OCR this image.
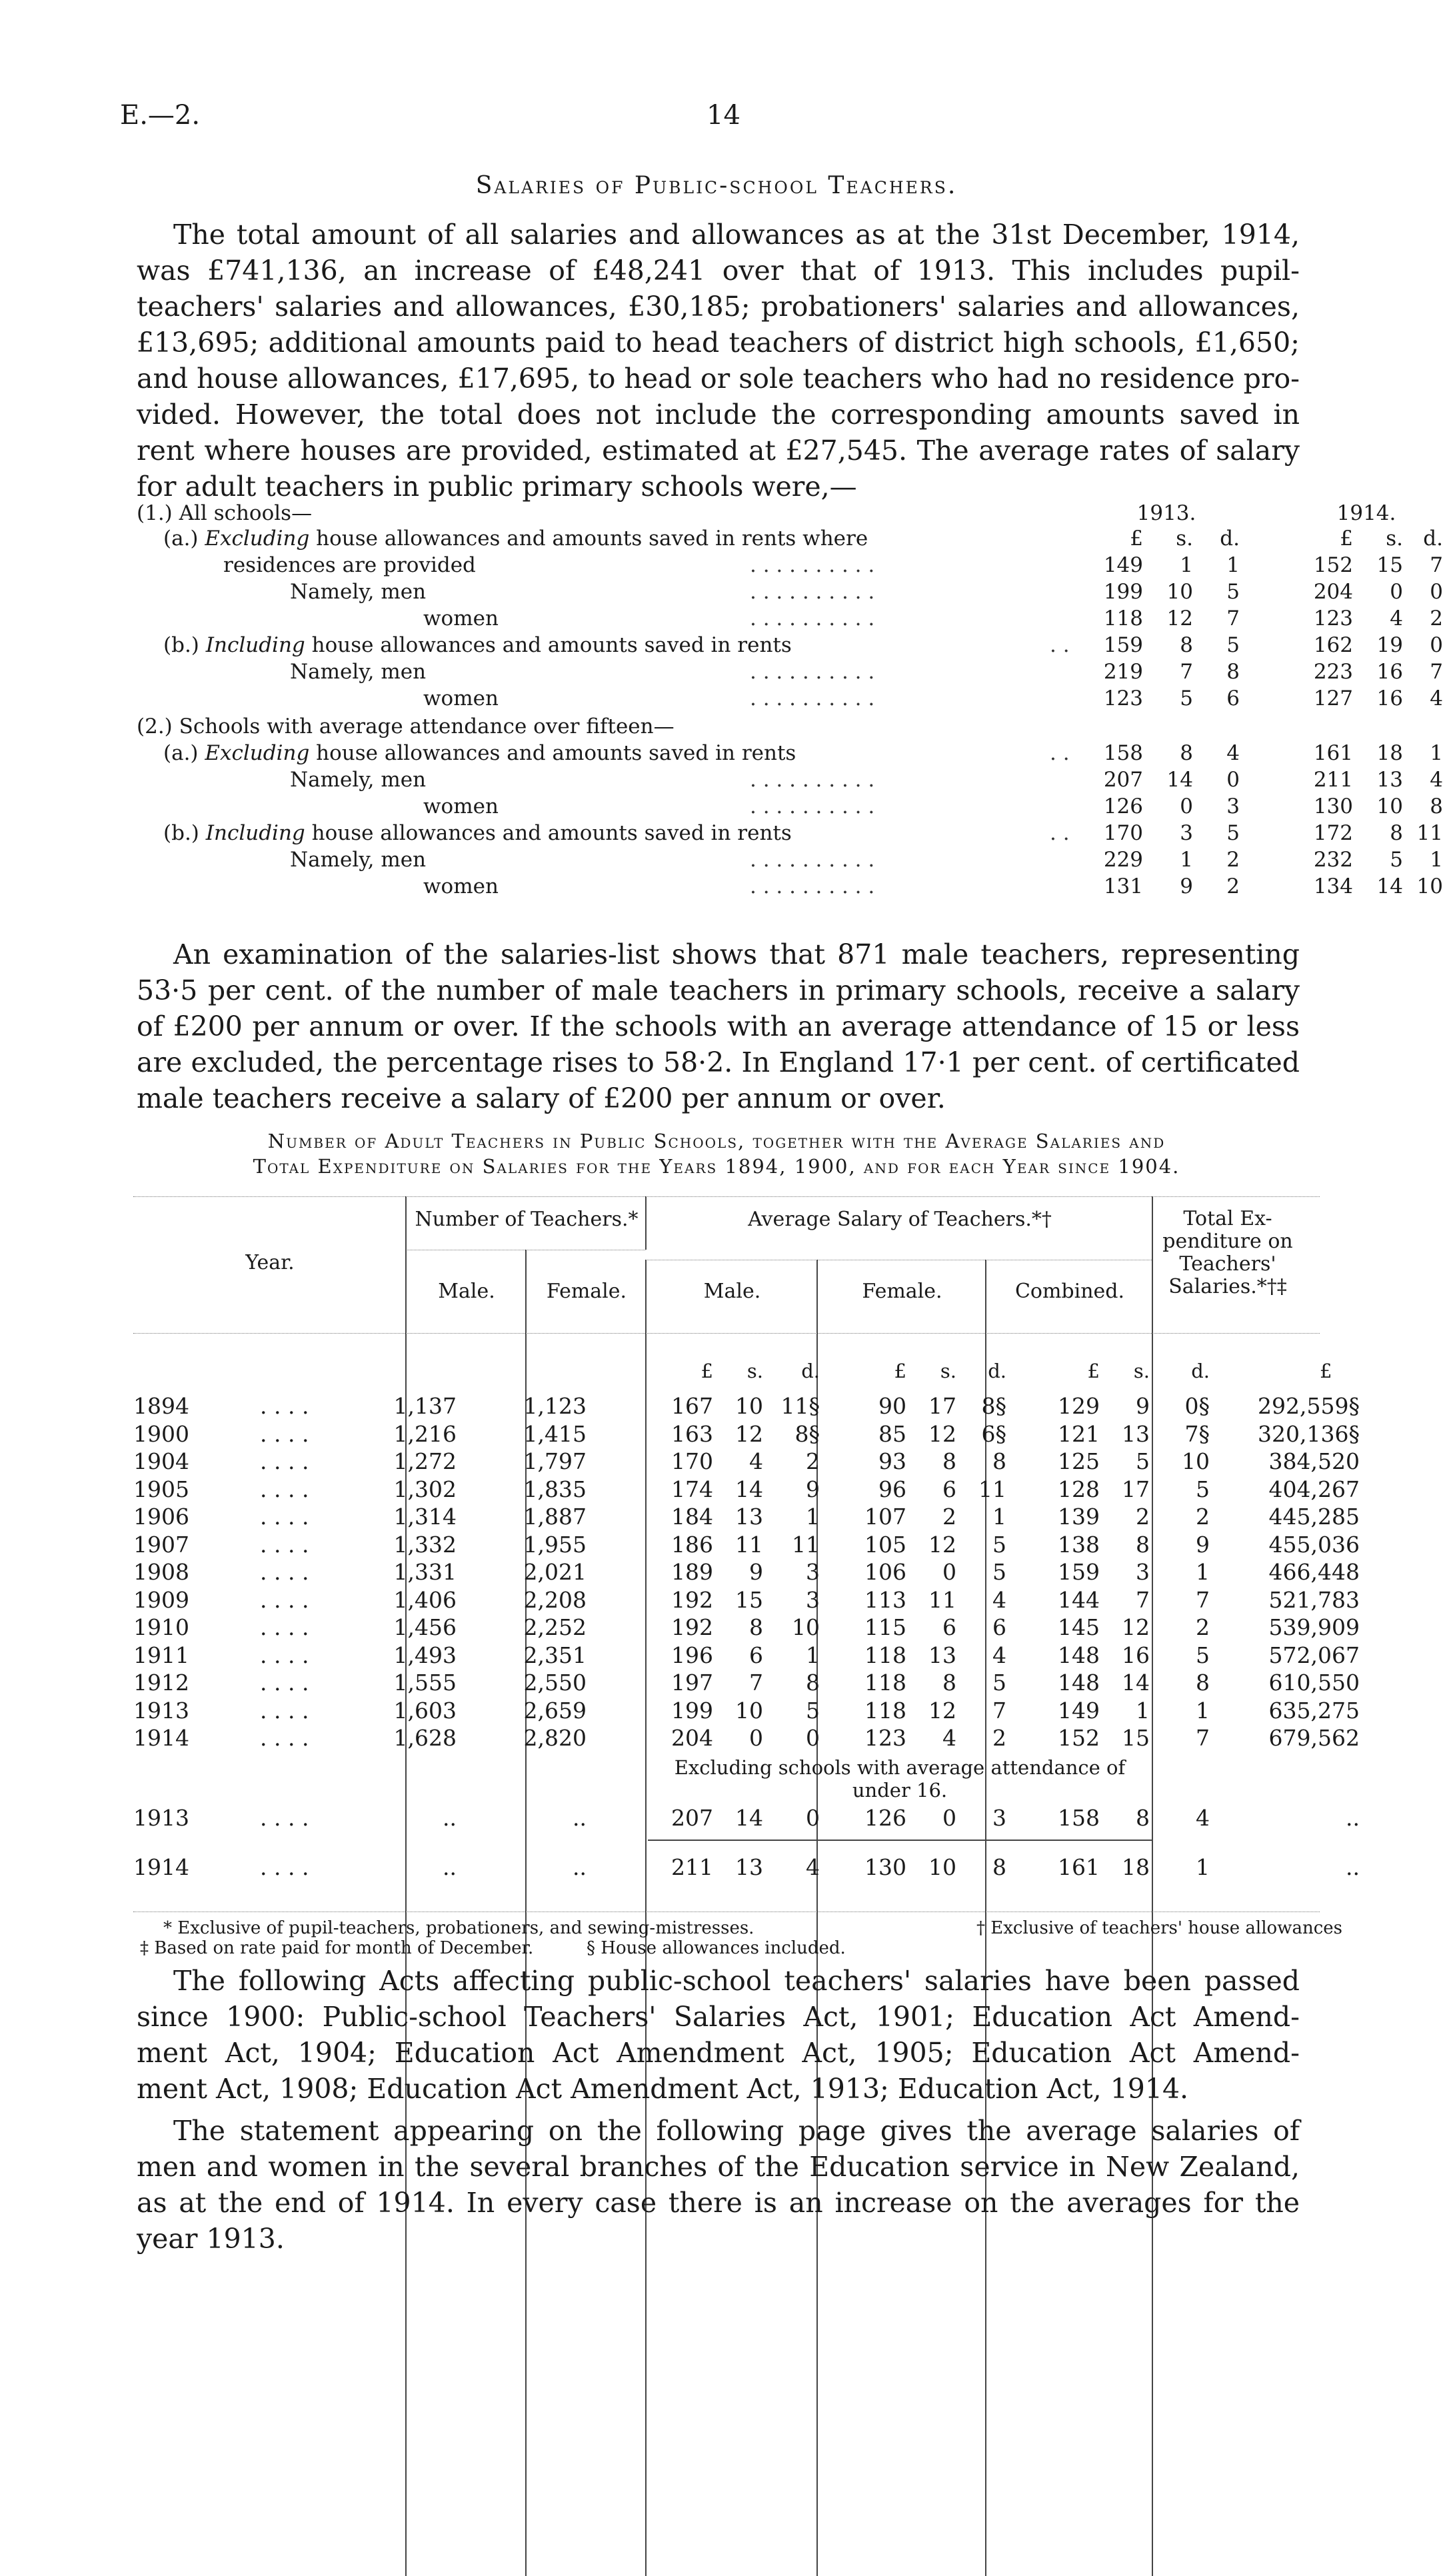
E.—2.	14
Salaries of Public-school Teachers.
The total amount of all salaries and allowances as at the 31st December, 1914,
was £741,136, an increase of £48,241 over that of 1913. This includes pupil-
teachers' salaries and allowances, £30,185; probationers' salaries and allowances,
£13,695; additional amounts paid to head teachers of district high schools, £1,650;
and house allowances, £17,695, to head or sole teachers who had no residence pro-
vided. However, the total does not include the corresponding amounts saved in
rent where houses are provided, estimated at £27,545. The average rates of salary
for adult teachers in public primary schools were,—
1913.	1914.
£	s.	d.	£	s. d.
(1.) All schools—
(a.) Excluding house allowances and amounts saved in rents where
residences are provided	. . . . . . . . . .	149	1	1	152	15	7
Namely, men	. . . . . . . . . .	199	10	5	204	0	0
women	. . . . . . . . . .	118	12	7	123	4	2
(b.) Including house allowances and amounts saved in rents	. .	159	8	5	162	19	0
Namely, men	. . . . . . . . . .	219	7	8	223	16	7
women	. . . . . . . . . .	123	5	6	127	16	4
(2.) Schools with average attendance over fifteen—
(a.) Excluding house allowances and amounts saved in rents	. .	158	8	4	161	18	1
Namely, men	. . . . . . . . . .	207	14	0	211	13	4
women	. . . . . . . . . .	126	0	3	130	10	8
(b.) Including house allowances and amounts saved in rents	. .	170	3	5	172	8 11
Namely, men	. . . . . . . . . .	229	1	2	232	5	1
women	. . . . . . . . . .	131	9	2	134	14 10
An examination of the salaries-list shows that 871 male teachers, representing
53·5 per cent. of the number of male teachers in primary schools, receive a salary
of £200 per annum or over. If the schools with an average attendance of 15 or less
are excluded, the percentage rises to 58·2. In England 17·1 per cent. of certificated
male teachers receive a salary of £200 per annum or over.
Number of Adult Teachers in Public Schools, together with the Average Salaries and
Total Expenditure on Salaries for the Years 1894, 1900, and for each Year since 1904.
Year.
Number of Teachers.*	Average Salary of Teachers.*†	Total Ex-
penditure on
Teachers'
Salaries.*†‡
Male.	Female.	Male.	Female.	Combined.
£	s.	d.	£	s.	d.	£	s.	d.	£
1894	. . . .	1,137	1,123	167	10 11§	90	17	8§	129	9	0§ 292,559§
1900	. . . .	1,216	1,415	163	12	8§	85	12	6§	121	13	7§ 320,136§
1904	. . . .	1,272	1,797	170	4	2	93	8	8	125	5	10	384,520
1905	. . . .	1,302	1,835	174	14	9	96	6	11	128	17	5	404,267
1906	. . . .	1,314	1,887	184	13	1	107	2	1	139	2	2	445,285
1907	. . . .	1,332	1,955	186	11	11	105	12	5	138	8	9	455,036
1908	. . . .	1,331	2,021	189	9	3	106	0	5	159	3	1	466,448
1909	. . . .	1,406	2,208	192	15	3	113	11	4	144	7	7	521,783
1910	. . . .	1,456	2,252	192	8	10	115	6	6	145	12	2	539,909
1911	. . . .	1,493	2,351	196	6	1	118	13	4	148	16	5	572,067
1912	. . . .	1,555	2,550	197	7	8	118	8	5	148	14	8	610,550
1913	. . . .	1,603	2,659	199	10	5	118	12	7	149	1	1	635,275
1914	. . . .	1,628	2,820	204	0	0	123	4	2	152	15	7	679,562
Excluding schools with average attendance of
under 16.
1913	. . . .	..	..	207	14	0	126	0	3	158	8	4	..
1914	. . . .	..	..	211	13	4	130	10	8	161	18	1	..
* Exclusive of pupil-teachers, probationers, and sewing-mistresses.	† Exclusive of teachers' house allowances
‡ Based on rate paid for month of December.	§ House allowances included.
The following Acts affecting public-school teachers' salaries have been passed
since 1900: Public-school Teachers' Salaries Act, 1901; Education Act Amend-
ment Act, 1904; Education Act Amendment Act, 1905; Education Act Amend-
ment Act, 1908; Education Act Amendment Act, 1913; Education Act, 1914.
The statement appearing on the following page gives the average salaries of
men and women in the several branches of the Education service in New Zealand,
as at the end of 1914. In every case there is an increase on the averages for the
year 1913.
